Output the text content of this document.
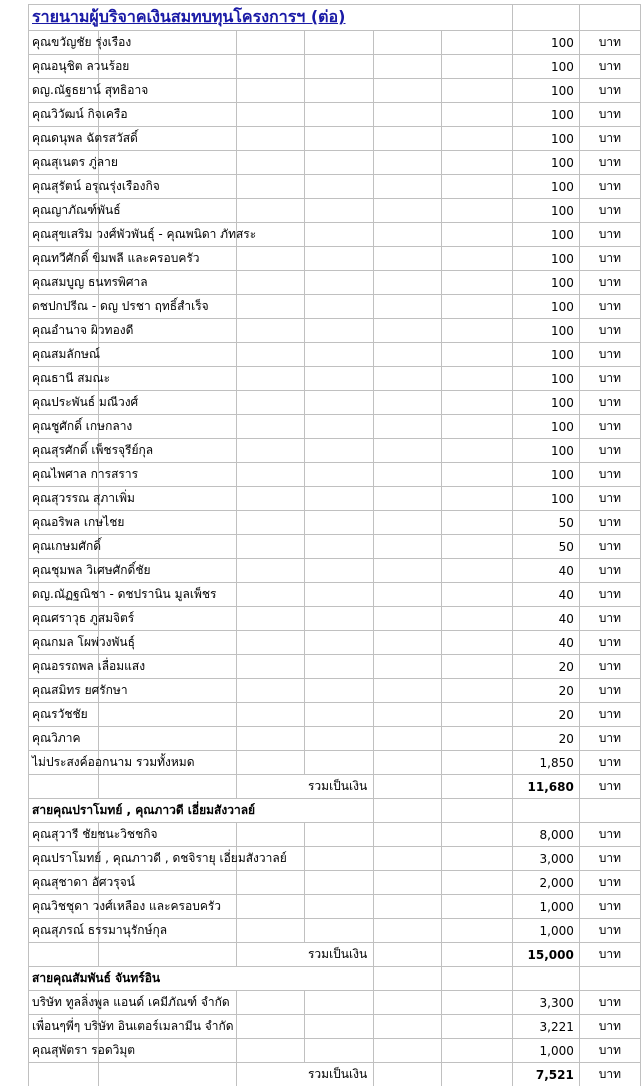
รายนามผู้บริจาคเงินสมทบทุนโครงการฯ (ต่อ)							
คุณขวัญชัย รุ่งเรือง						100	บาท
คุณอนุชิต ลวนร้อย						100	บาท
ดญ.ณัฐธยาน์ สุทธิอาจ						100	บาท
คุณวิวัฒน์ กิจเครือ						100	บาท
คุณดนุพล ฉัตรสวัสดิ์						100	บาท
คุณสุเนตร ภู่ลาย						100	บาท
คุณสุรัตน์ อรุณรุ่งเรืองกิจ						100	บาท
คุณญาภัณฑ์พันธ์						100	บาท
คุณสุขเสริม วงศ์พัวพันธุ์ - คุณพนิดา ภัทสระ						100	บาท
คุณทวีศักดิ์ ขิมพลี และครอบครัว						100	บาท
คุณสมบูญ ธนทรพิศาล						100	บาท
ดชปกปรีณ - ดญ ปรชา ฤทธิ์สำเร็จ						100	บาท
คุณอำนาจ ผิวทองดี						100	บาท
คุณสมลักษณ์						100	บาท
คุณธานี สมณะ						100	บาท
คุณประพันธ์ มณีวงศ์						100	บาท
คุณชูศักดิ์ เกษกลาง						100	บาท
คุณสุรศักดิ์ เพ็ชรจุรีย์กุล						100	บาท
คุณไพศาล การสราร						100	บาท
คุณสุวรรณ สุภาเพิ่ม						100	บาท
คุณอริพล เกษไชย						50	บาท
คุณเกษมศักดิ์						50	บาท
คุณชุมพล วิเศษศักดิ์ชัย						40	บาท
ดญ.ณัฏฐณิชา - ดชปรานิน มูลเพ็ชร						40	บาท
คุณศราวุธ ภูสมจิตร์						40	บาท
คุณกมล โผพ่วงพันธุ์						40	บาท
คุณอรรถพล เลื่อมแสง						20	บาท
คุณสมิทร ยศรักษา						20	บาท
คุณรวัชชัย						20	บาท
คุณวิภาค						20	บาท
ไม่ประสงค์ออกนาม รวมทั้งหมด						1,850	บาท
		รวมเป็นเงิน				11,680	บาท
สายคุณปราโมทย์ , คุณภาวดี เอี่ยมสังวาลย์							
คุณสุวารี ชัยชนะวิชชกิจ						8,000	บาท
คุณปราโมทย์ , คุณภาวดี , ดชจิรายุ เอี่ยมสังวาลย์						3,000	บาท
คุณสุชาดา อัศวรุจน์						2,000	บาท
คุณวิชชุดา วงศ์เหลือง และครอบครัว						1,000	บาท
คุณสุภรณ์ ธรรมานุรักษ์กุล						1,000	บาท
		รวมเป็นเงิน				15,000	บาท
สายคุณสัมพันธ์ จันทร์อิน							
บริษัท ทูลลิ่งพูล แอนด์ เคมีภัณฑ์ จำกัด						3,300	บาท
เพื่อนๆพี่ๆ บริษัท อินเตอร์เมลามีน จำกัด						3,221	บาท
คุณสุพัตรา รอดวิมุต						1,000	บาท
		รวมเป็นเงิน				7,521	บาท
